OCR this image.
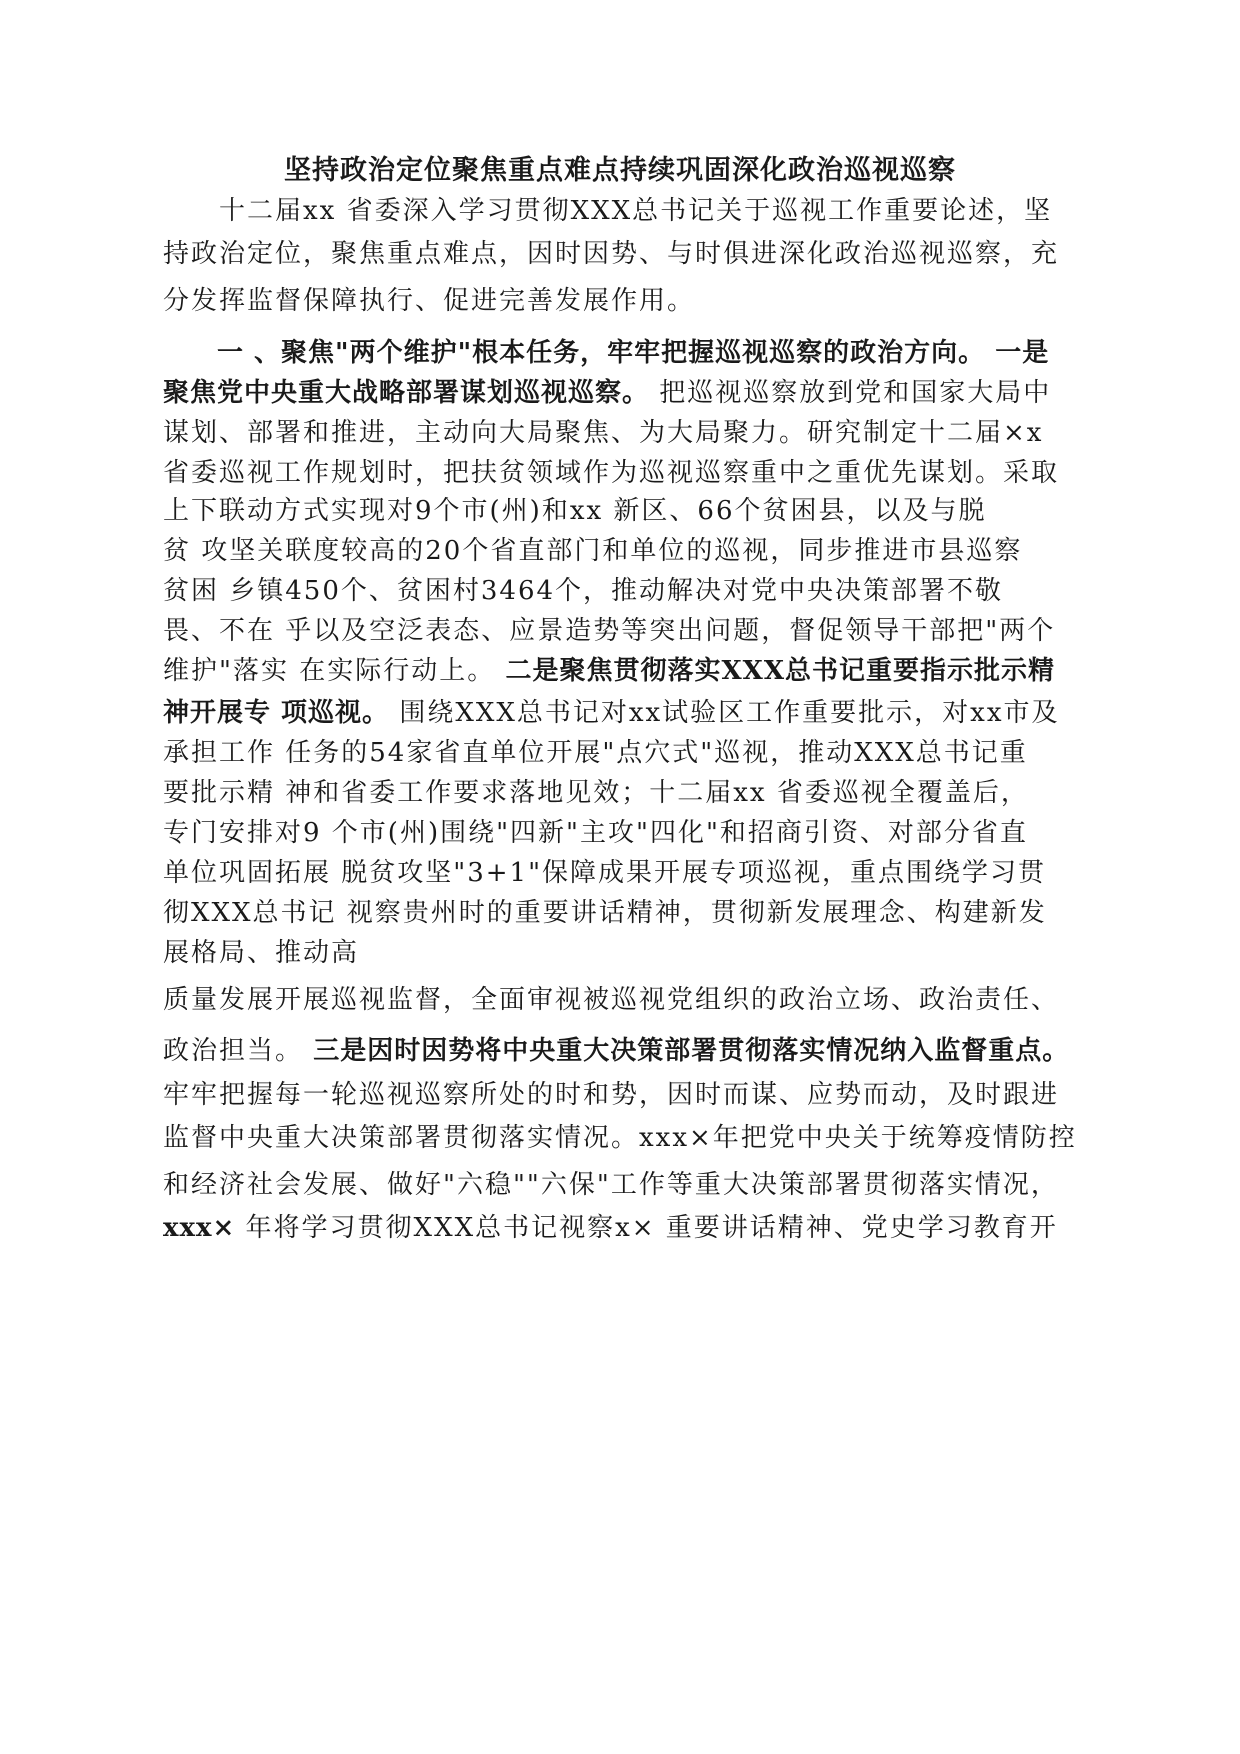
坚持政治定位聚焦重点难点持续巩固深化政治巡视巡察
　　十二届xx 省委深入学习贯彻XXX总书记关于巡视工作重要论述，坚
持政治定位，聚焦重点难点，因时因势、与时俱进深化政治巡视巡察，充
分发挥监督保障执行、促进完善发展作用。
　　一 、聚焦"两个维护"根本任务，牢牢把握巡视巡察的政治方向。 一是
聚焦党中央重大战略部署谋划巡视巡察。 把巡视巡察放到党和国家大局中
谋划、部署和推进，主动向大局聚焦、为大局聚力。研究制定十二届×x
省委巡视工作规划时，把扶贫领域作为巡视巡察重中之重优先谋划。采取
上下联动方式实现对9个市(州)和xx 新区、66个贫困县，以及与脱
贫 攻坚关联度较高的20个省直部门和单位的巡视，同步推进市县巡察
贫困 乡镇450个、贫困村3464个，推动解决对党中央决策部署不敬
畏、不在 乎以及空泛表态、应景造势等突出问题，督促领导干部把"两个
维护"落实 在实际行动上。 二是聚焦贯彻落实XXX总书记重要指示批示精
神开展专 项巡视。 围绕XXX总书记对xx试验区工作重要批示，对xx市及
承担工作 任务的54家省直单位开展"点穴式"巡视，推动XXX总书记重
要批示精 神和省委工作要求落地见效；十二届xx 省委巡视全覆盖后，
专门安排对9 个市(州)围绕"四新"主攻"四化"和招商引资、对部分省直
单位巩固拓展 脱贫攻坚"3+1"保障成果开展专项巡视，重点围绕学习贯
彻XXX总书记 视察贵州时的重要讲话精神，贯彻新发展理念、构建新发
展格局、推动高
质量发展开展巡视监督，全面审视被巡视党组织的政治立场、政治责任、
政治担当。 三是因时因势将中央重大决策部署贯彻落实情况纳入监督重点。
牢牢把握每一轮巡视巡察所处的时和势，因时而谋、应势而动，及时跟进
监督中央重大决策部署贯彻落实情况。xxx×年把党中央关于统筹疫情防控
和经济社会发展、做好"六稳""六保"工作等重大决策部署贯彻落实情况，
xxx× 年将学习贯彻XXX总书记视察x× 重要讲话精神、党史学习教育开
